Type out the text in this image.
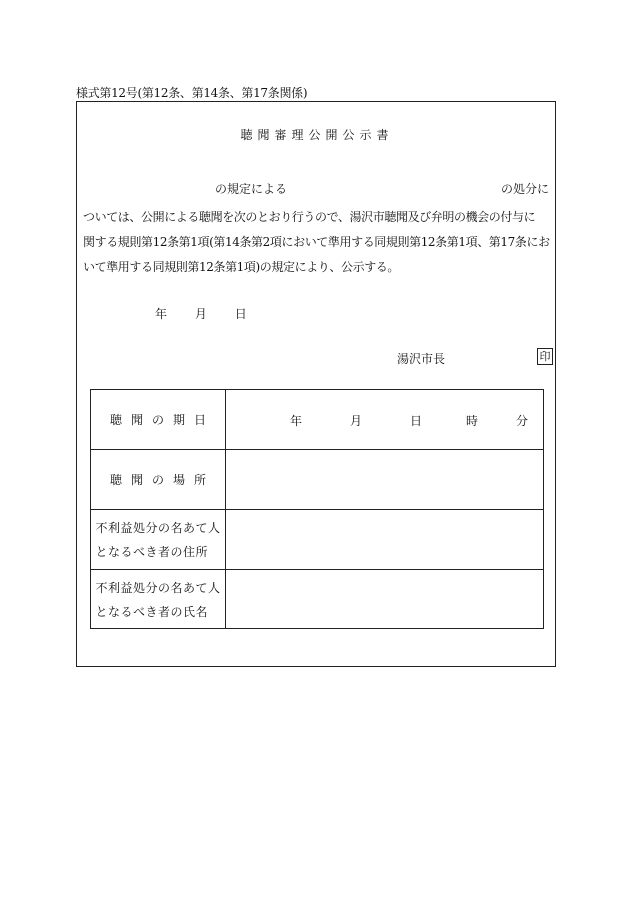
様式第12号(第12条、第14条、第17条関係)
聴聞審理公開公示書
の規定による	の処分に
ついては、公開による聴聞を次のとおり行うので、湯沢市聴聞及び弁明の機会の付与に
関する規則第12条第1項(第14条第2項において準用する同規則第12条第1項、第17条にお
いて準用する同規則第12条第1項)の規定により、公示する。
年 月 日
湯沢市長	印
聴聞の期日	年	月	日	時	分
聴聞の場所
不利益処分の名あて人
となるべき者の住所
不利益処分の名あて人
となるべき者の氏名
